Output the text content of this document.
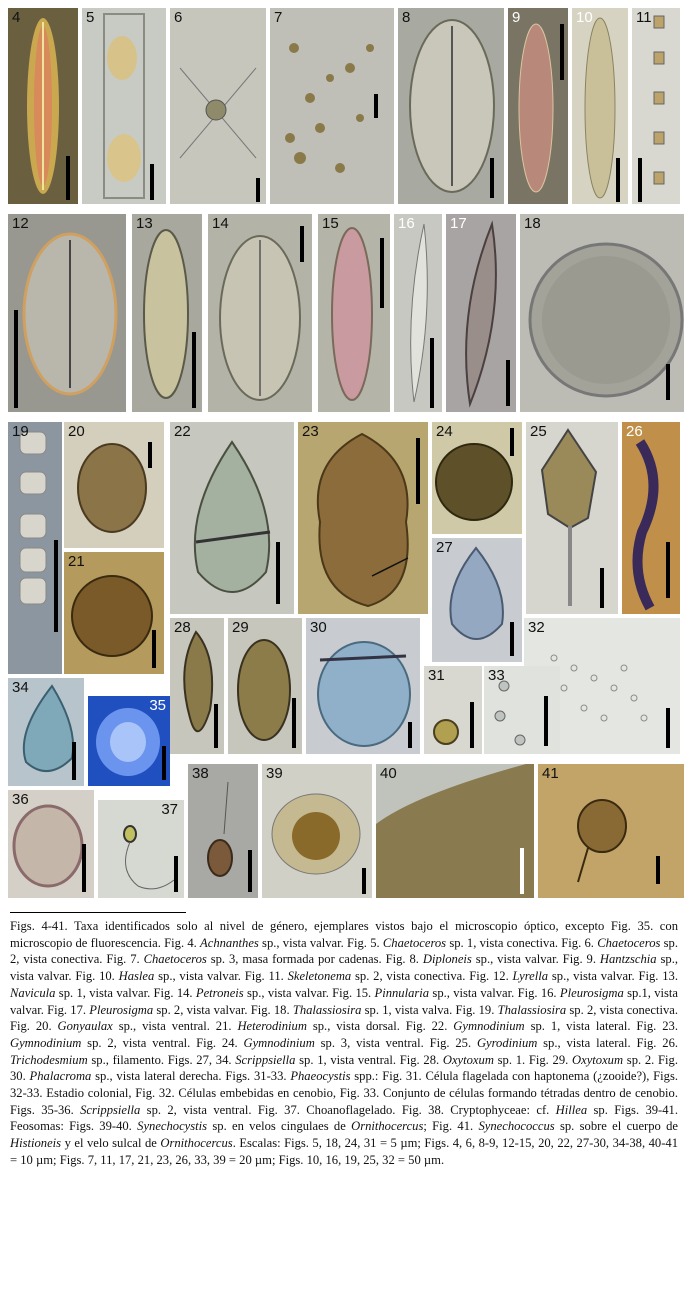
4	5	6	7	8	9	10	11
12	13	14	15	16 17	18
19	20
21
22	23	24	25	26
27
28	29	30
31
32
33
34
35
36
37
38	39	40	41
Figs. 4-41. Taxa identificados solo al nivel de género, ejemplares vistos bajo el microscopio óptico, excepto Fig. 35. con microscopio de fluorescencia. Fig. 4. Achnanthes sp., vista valvar. Fig. 5. Chaetoceros sp. 1, vista conectiva. Fig. 6. Chaetoceros sp. 2, vista conectiva. Fig. 7. Chaetoceros sp. 3, masa formada por cadenas. Fig. 8. Diploneis sp., vista valvar. Fig. 9. Hantzschia sp., vista valvar. Fig. 10. Haslea sp., vista valvar. Fig. 11. Skeletonema sp. 2, vista conectiva. Fig. 12. Lyrella sp., vista valvar. Fig. 13. Navicula sp. 1, vista valvar. Fig. 14. Petroneis sp., vista valvar. Fig. 15. Pinnularia sp., vista valvar. Fig. 16. Pleurosigma sp.1, vista valvar. Fig. 17. Pleurosigma sp. 2, vista valvar. Fig. 18. Thalassiosira sp. 1, vista valva. Fig. 19. Thalassiosira sp. 2, vista conectiva. Fig. 20. Gonyaulax sp., vista ventral. 21. Heterodinium sp., vista dorsal. Fig. 22. Gymnodinium sp. 1, vista lateral. Fig. 23. Gymnodinium sp. 2, vista ventral. Fig. 24. Gymnodinium sp. 3, vista ventral. Fig. 25. Gyrodinium sp., vista lateral. Fig. 26. Trichodesmium sp., filamento. Figs. 27, 34. Scrippsiella sp. 1, vista ventral. Fig. 28. Oxytoxum sp. 1. Fig. 29. Oxytoxum sp. 2. Fig. 30. Phalacroma sp., vista lateral derecha. Figs. 31-33. Phaeocystis spp.: Fig. 31. Célula flagelada con haptonema (¿zooide?), Figs. 32-33. Estadio colonial, Fig. 32. Células embebidas en cenobio, Fig. 33. Conjunto de células formando tétradas dentro de cenobio. Figs. 35-36. Scrippsiella sp. 2, vista ventral. Fig. 37. Choanoflagelado. Fig. 38. Cryptophyceae: cf. Hillea sp. Figs. 39-41. Feosomas: Figs. 39-40. Synechocystis sp. en velos cingulaes de Ornithocercus; Fig. 41. Synechococcus sp. sobre el cuerpo de Histioneis y el velo sulcal de Ornithocercus. Escalas: Figs. 5, 18, 24, 31 = 5 µm; Figs. 4, 6, 8-9, 12-15, 20, 22, 27-30, 34-38, 40-41 = 10 µm; Figs. 7, 11, 17, 21, 23, 26, 33, 39 = 20 µm; Figs. 10, 16, 19, 25, 32 = 50 µm.
